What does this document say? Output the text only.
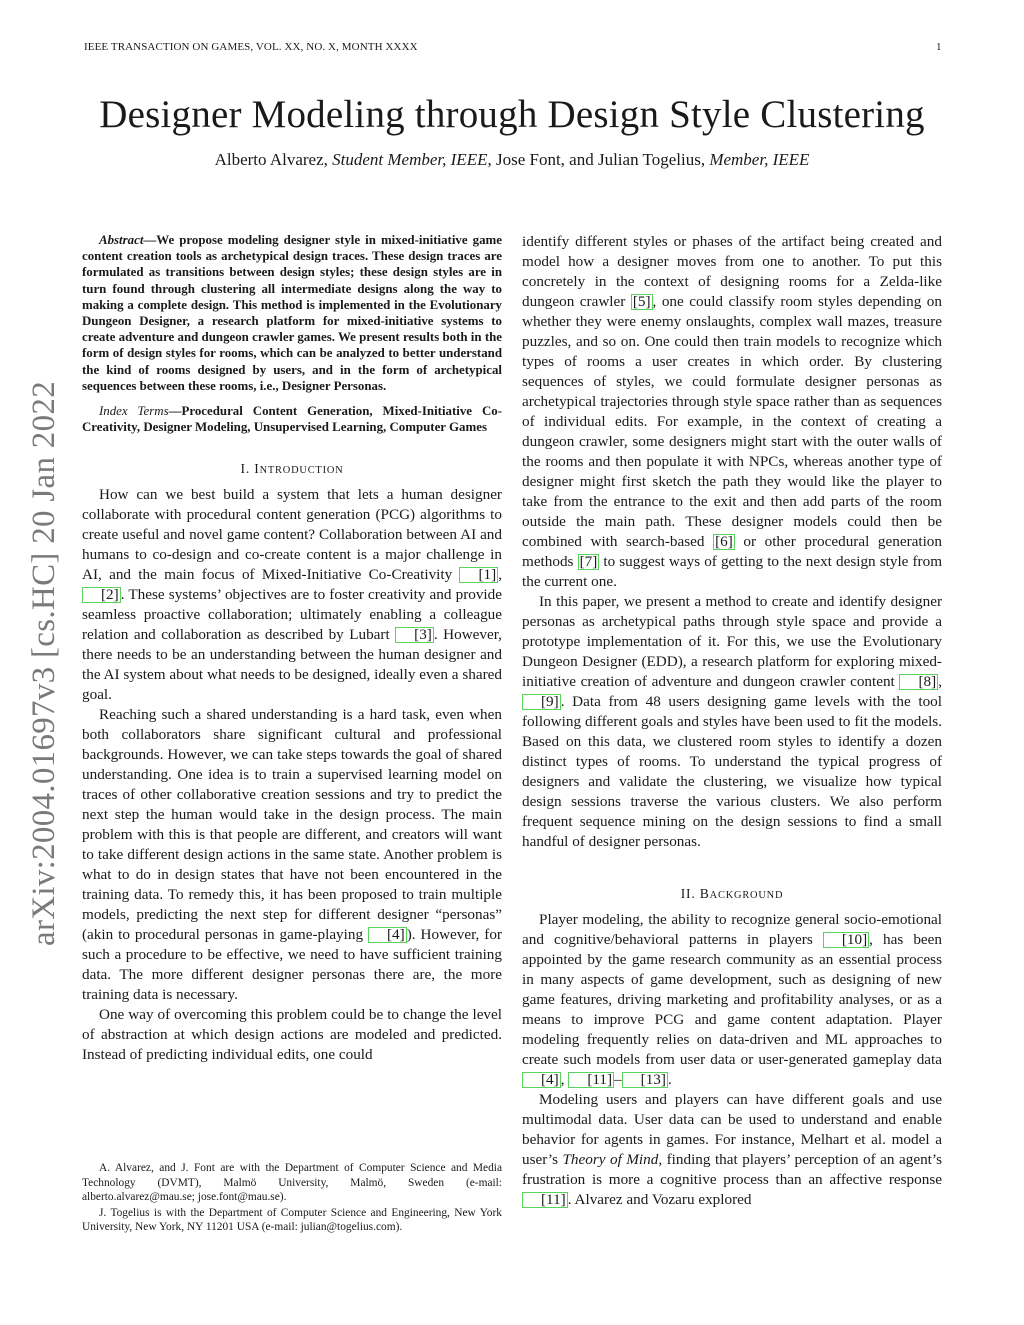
IEEE TRANSACTION ON GAMES, VOL. XX, NO. X, MONTH XXXX	1
Designer Modeling through Design Style Clustering
Alberto Alvarez, Student Member, IEEE, Jose Font, and Julian Togelius, Member, IEEE
arXiv:2004.01697v3 [cs.HC] 20 Jan 2022

Abstract—We propose modeling designer style in mixed-initiative game content creation tools as archetypical design traces. These design traces are formulated as transitions between design styles; these design styles are in turn found through clustering all intermediate designs along the way to making a complete design. This method is implemented in the Evolutionary Dungeon Designer, a research platform for mixed-initiative systems to create adventure and dungeon crawler games. We present results both in the form of design styles for rooms, which can be analyzed to better understand the kind of rooms designed by users, and in the form of archetypical sequences between these rooms, i.e., Designer Personas.

Index Terms—Procedural Content Generation, Mixed-Initiative Co-Creativity, Designer Modeling, Unsupervised Learning, Computer Games

I. INTRODUCTION

How can we best build a system that lets a human designer collaborate with procedural content generation (PCG) algorithms to create useful and novel game content? Collaboration between AI and humans to co-design and co-create content is a major challenge in AI, and the main focus of Mixed-Initiative Co-Creativity [1] , [2] . These systems’ objectives are to foster creativity and provide seamless proactive collaboration; ultimately enabling a colleague relation and collaboration as described by Lubart [3] . However, there needs to be an understanding between the human designer and the AI system about what needs to be designed, ideally even a shared goal.

Reaching such a shared understanding is a hard task, even when both collaborators share significant cultural and professional backgrounds. However, we can take steps towards the goal of shared understanding. One idea is to train a supervised learning model on traces of other collaborative creation sessions and try to predict the next step the human would take in the design process. The main problem with this is that people are different, and creators will want to take different design actions in the same state. Another problem is what to do in design states that have not been encountered in the training data. To remedy this, it has been proposed to train multiple models, predicting the next step for different designer “personas” (akin to procedural personas in game-playing [4] ). However, for such a procedure to be effective, we need to have sufficient training data. The more different designer personas there are, the more training data is necessary.

One way of overcoming this problem could be to change the level of abstraction at which design actions are modeled and predicted. Instead of predicting individual edits, one could

A. Alvarez, and J. Font are with the Department of Computer Science and Media Technology (DVMT), Malmö University, Malmö, Sweden (e-mail: alberto.alvarez@mau.se; jose.font@mau.se).

J. Togelius is with the Department of Computer Science and Engineering, New York University, New York, NY 11201 USA (e-mail: julian@togelius.com).

identify different styles or phases of the artifact being created and model how a designer moves from one to another. To put this concretely in the context of designing rooms for a Zelda-like dungeon crawler [5] , one could classify room styles depending on whether they were enemy onslaughts, complex wall mazes, treasure puzzles, and so on. One could then train models to recognize which types of rooms a user creates in which order. By clustering sequences of styles, we could formulate designer personas as archetypical trajectories through style space rather than as sequences of individual edits. For example, in the context of creating a dungeon crawler, some designers might start with the outer walls of the rooms and then populate it with NPCs, whereas another type of designer might first sketch the path they would like the player to take from the entrance to the exit and then add parts of the room outside the main path. These designer models could then be combined with search-based [6] or other procedural generation methods [7] to suggest ways of getting to the next design style from the current one.

In this paper, we present a method to create and identify designer personas as archetypical paths through style space and provide a prototype implementation of it. For this, we use the Evolutionary Dungeon Designer (EDD), a research platform for exploring mixed-initiative creation of adventure and dungeon crawler content [8] , [9] . Data from 48 users designing game levels with the tool following different goals and styles have been used to fit the models. Based on this data, we clustered room styles to identify a dozen distinct types of rooms. To understand the typical progress of designers and validate the clustering, we visualize how typical design sessions traverse the various clusters. We also perform frequent sequence mining on the design sessions to find a small handful of designer personas.

II. BACKGROUND

Player modeling, the ability to recognize general socio-emotional and cognitive/behavioral patterns in players [10] , has been appointed by the game research community as an essential process in many aspects of game development, such as designing of new game features, driving marketing and profitability analyses, or as a means to improve PCG and game content adaptation. Player modeling frequently relies on data-driven and ML approaches to create such models from user data or user-generated gameplay data [4] , [11] – [13] .

Modeling users and players can have different goals and use multimodal data. User data can be used to understand and enable behavior for agents in games. For instance, Melhart et al. model a user’s Theory of Mind, finding that players’ perception of an agent’s frustration is more a cognitive process than an affective response [11] . Alvarez and Vozaru explored
